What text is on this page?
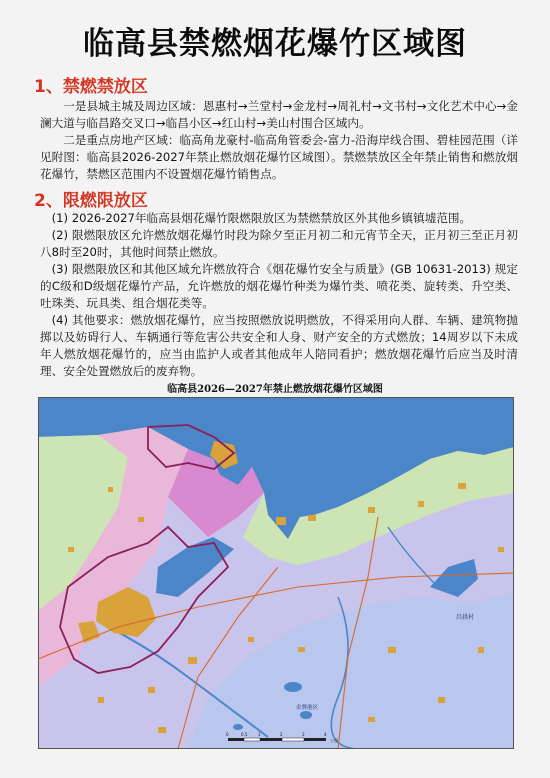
临高县禁燃烟花爆竹区域图
1、禁燃禁放区
一是县城主城及周边区域：恩惠村→兰堂村→金龙村→周礼村→文书村→文化艺术中心→金澜大道与临昌路交叉口→临昌小区→红山村→美山村围合区域内。
二是重点房地产区域：临高角龙豪村-临高角管委会-富力-沿海岸线合围、碧桂园范围（详见附图：临高县2026-2027年禁止燃放烟花爆竹区域图）。禁燃禁放区全年禁止销售和燃放烟花爆竹，禁燃区范围内不设置烟花爆竹销售点。
2、限燃限放区
(1) 2026-2027年临高县烟花爆竹限燃限放区为禁燃禁放区外其他乡镇镇墟范围。
(2) 限燃限放区允许燃放烟花爆竹时段为除夕至正月初二和元宵节全天，正月初三至正月初八8时至20时，其他时间禁止燃放。
(3) 限燃限放区和其他区域允许燃放符合《烟花爆竹安全与质量》(GB 10631-2013) 规定的C级和D级烟花爆竹产品，允许燃放的烟花爆竹种类为爆竹类、喷花类、旋转类、升空类、吐珠类、玩具类、组合烟花类等。
(4) 其他要求：燃放烟花爆竹，应当按照燃放说明燃放，不得采用向人群、车辆、建筑物抛掷以及妨碍行人、车辆通行等危害公共安全和人身、财产安全的方式燃放；14周岁以下未成年人燃放烟花爆竹的，应当由监护人或者其他成年人陪同看护；燃放烟花爆竹后应当及时清理、安全处置燃放后的废弃物。
临高县2026—2027年禁止燃放烟花爆竹区域图
昌拱村
金牌港区
0	0.5	1	2	3	4
公里
